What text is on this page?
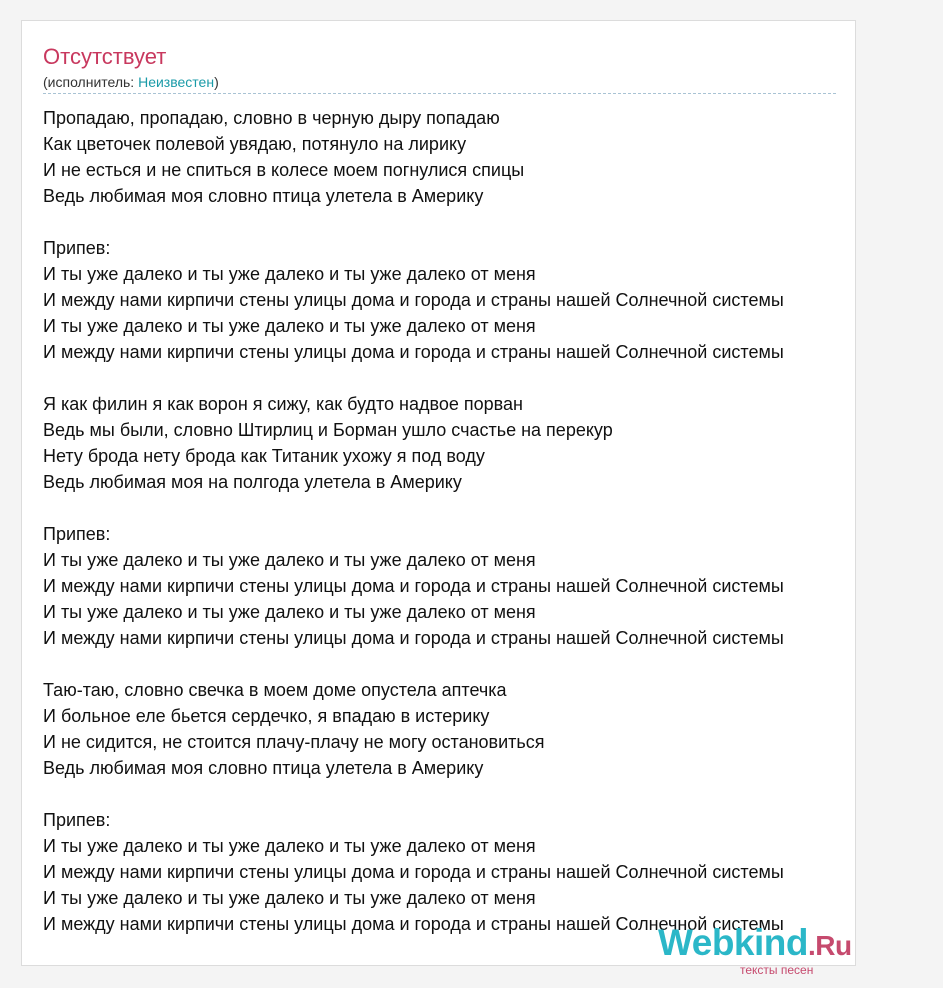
Отсутствует
(исполнитель: Неизвестен)
Пропадаю, пропадаю, словно в черную дыру попадаю
Как цветочек полевой увядаю, потянуло на лирику
И не есться и не спиться в колесе моем погнулися спицы
Ведь любимая моя словно птица улетела в Америку
Припев:
И ты уже далеко и ты уже далеко и ты уже далеко от меня
И между нами кирпичи стены улицы дома и города и страны нашей Солнечной системы
И ты уже далеко и ты уже далеко и ты уже далеко от меня
И между нами кирпичи стены улицы дома и города и страны нашей Солнечной системы
Я как филин я как ворон я сижу, как будто надвое порван
Ведь мы были, словно Штирлиц и Борман ушло счастье на перекур
Нету брода нету брода как Титаник ухожу я под воду
Ведь любимая моя на полгода улетела в Америку
Припев:
И ты уже далеко и ты уже далеко и ты уже далеко от меня
И между нами кирпичи стены улицы дома и города и страны нашей Солнечной системы
И ты уже далеко и ты уже далеко и ты уже далеко от меня
И между нами кирпичи стены улицы дома и города и страны нашей Солнечной системы
Таю-таю, словно свечка в моем доме опустела аптечка
И больное еле бьется сердечко, я впадаю в истерику
И не сидится, не стоится плачу-плачу не могу остановиться
Ведь любимая моя словно птица улетела в Америку
Припев:
И ты уже далеко и ты уже далеко и ты уже далеко от меня
И между нами кирпичи стены улицы дома и города и страны нашей Солнечной системы
И ты уже далеко и ты уже далеко и ты уже далеко от меня
И между нами кирпичи стены улицы дома и города и страны нашей Солнечной системы
Webkind.Ru
тексты песен
